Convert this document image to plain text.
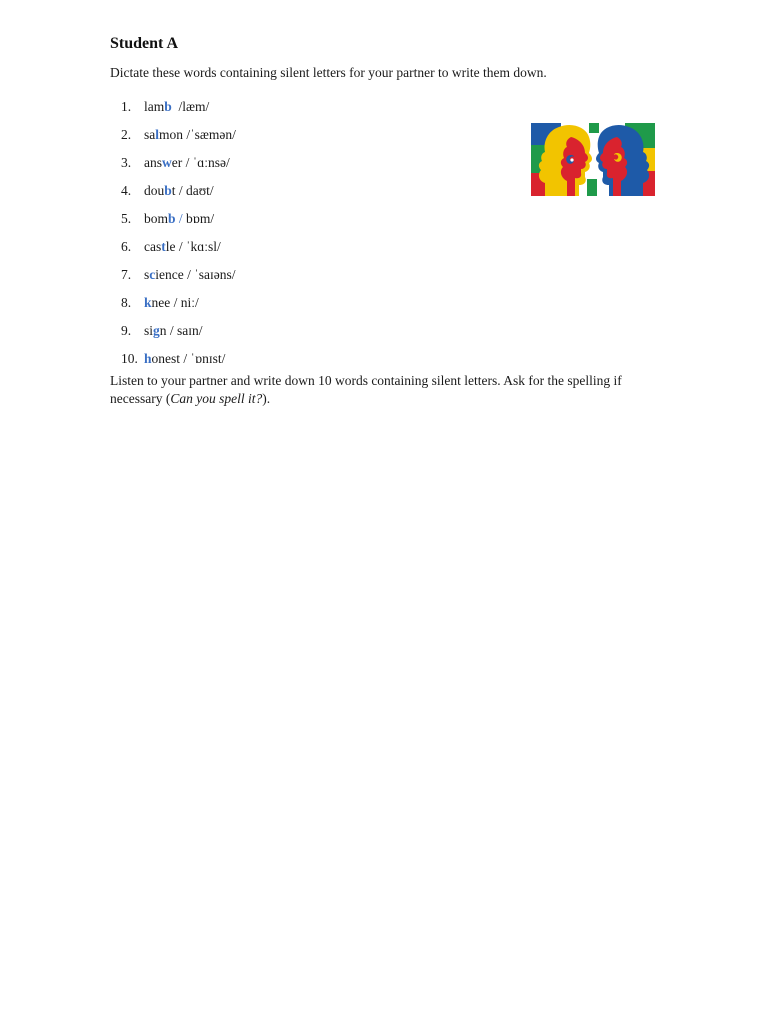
Student A

Dictate these words containing silent letters for your partner to write them down.

1. lamb  /læm/
2. salmon /ˈsæmən/
3. answer / ˈɑːnsə/
4. doubt / daʊt/
5. bomb / bɒm/
6. castle / ˈkɑːsl/
7. science / ˈsaɪəns/
8. knee / niː/
9. sign / saɪn/
10. honest / ˈɒnɪst/

Listen to your partner and write down 10 words containing silent letters. Ask for the spelling if necessary (Can you spell it?).
